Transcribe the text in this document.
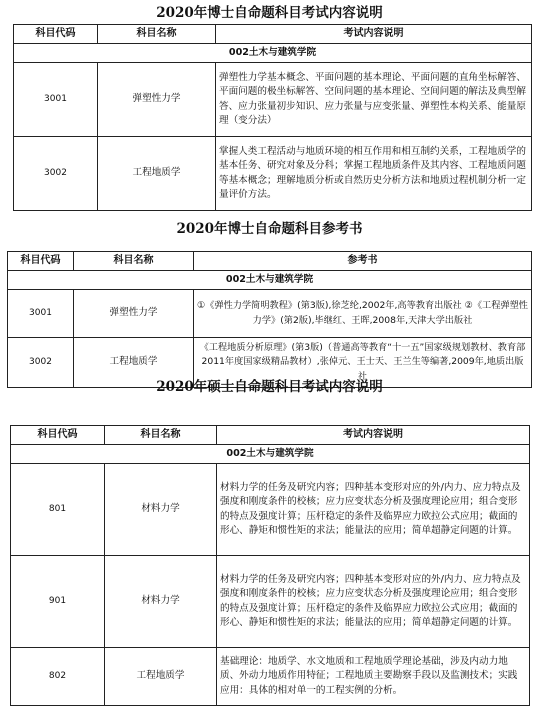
2020年博士自命题科目考试内容说明
科目代码	科目名称	考试内容说明
002土木与建筑学院		
3001	弹塑性力学	弹塑性力学基本概念、平面问题的基本理论、平面问题的直角坐标解答、平面问题的极坐标解答、空间问题的基本理论、空间问题的解法及典型解答、应力张量初步知识、应力张量与应变张量、弹塑性本构关系、能量原理（变分法）
3002	工程地质学	掌握人类工程活动与地质环境的相互作用和相互制约关系，工程地质学的基本任务、研究对象及分科；掌握工程地质条件及其内容、工程地质问题等基本概念；理解地质分析或自然历史分析方法和地质过程机制分析一定量评价方法。
2020年博士自命题科目参考书
科目代码	科目名称	参考书
002土木与建筑学院		
3001	弹塑性力学	①《弹性力学简明教程》(第3版),徐芝纶,2002年,高等教育出版社 ②《工程弹塑性力学》(第2版),毕继红、王晖,2008年,天津大学出版社
3002	工程地质学	《工程地质分析原理》(第3版)（普通高等教育“十一五”国家级规划教材、教育部2011年度国家级精品教材）,张倬元、王士天、王兰生等编著,2009年,地质出版社
2020年硕士自命题科目考试内容说明
科目代码	科目名称	考试内容说明
002土木与建筑学院		
801	材料力学	材料力学的任务及研究内容；四种基本变形对应的外/内力、应力特点及强度和刚度条件的校核；应力应变状态分析及强度理论应用；组合变形的特点及强度计算；压杆稳定的条件及临界应力欧拉公式应用；截面的形心、静矩和惯性矩的求法；能量法的应用；简单超静定问题的计算。
901	材料力学	材料力学的任务及研究内容；四种基本变形对应的外/内力、应力特点及强度和刚度条件的校核；应力应变状态分析及强度理论应用；组合变形的特点及强度计算；压杆稳定的条件及临界应力欧拉公式应用；截面的形心、静矩和惯性矩的求法；能量法的应用；简单超静定问题的计算。
802	工程地质学	基础理论：地质学、水文地质和工程地质学理论基础，涉及内动力地质、外动力地质作用特征；工程地质主要勘察手段以及监测技术；实践应用：具体的相对单一的工程实例的分析。
